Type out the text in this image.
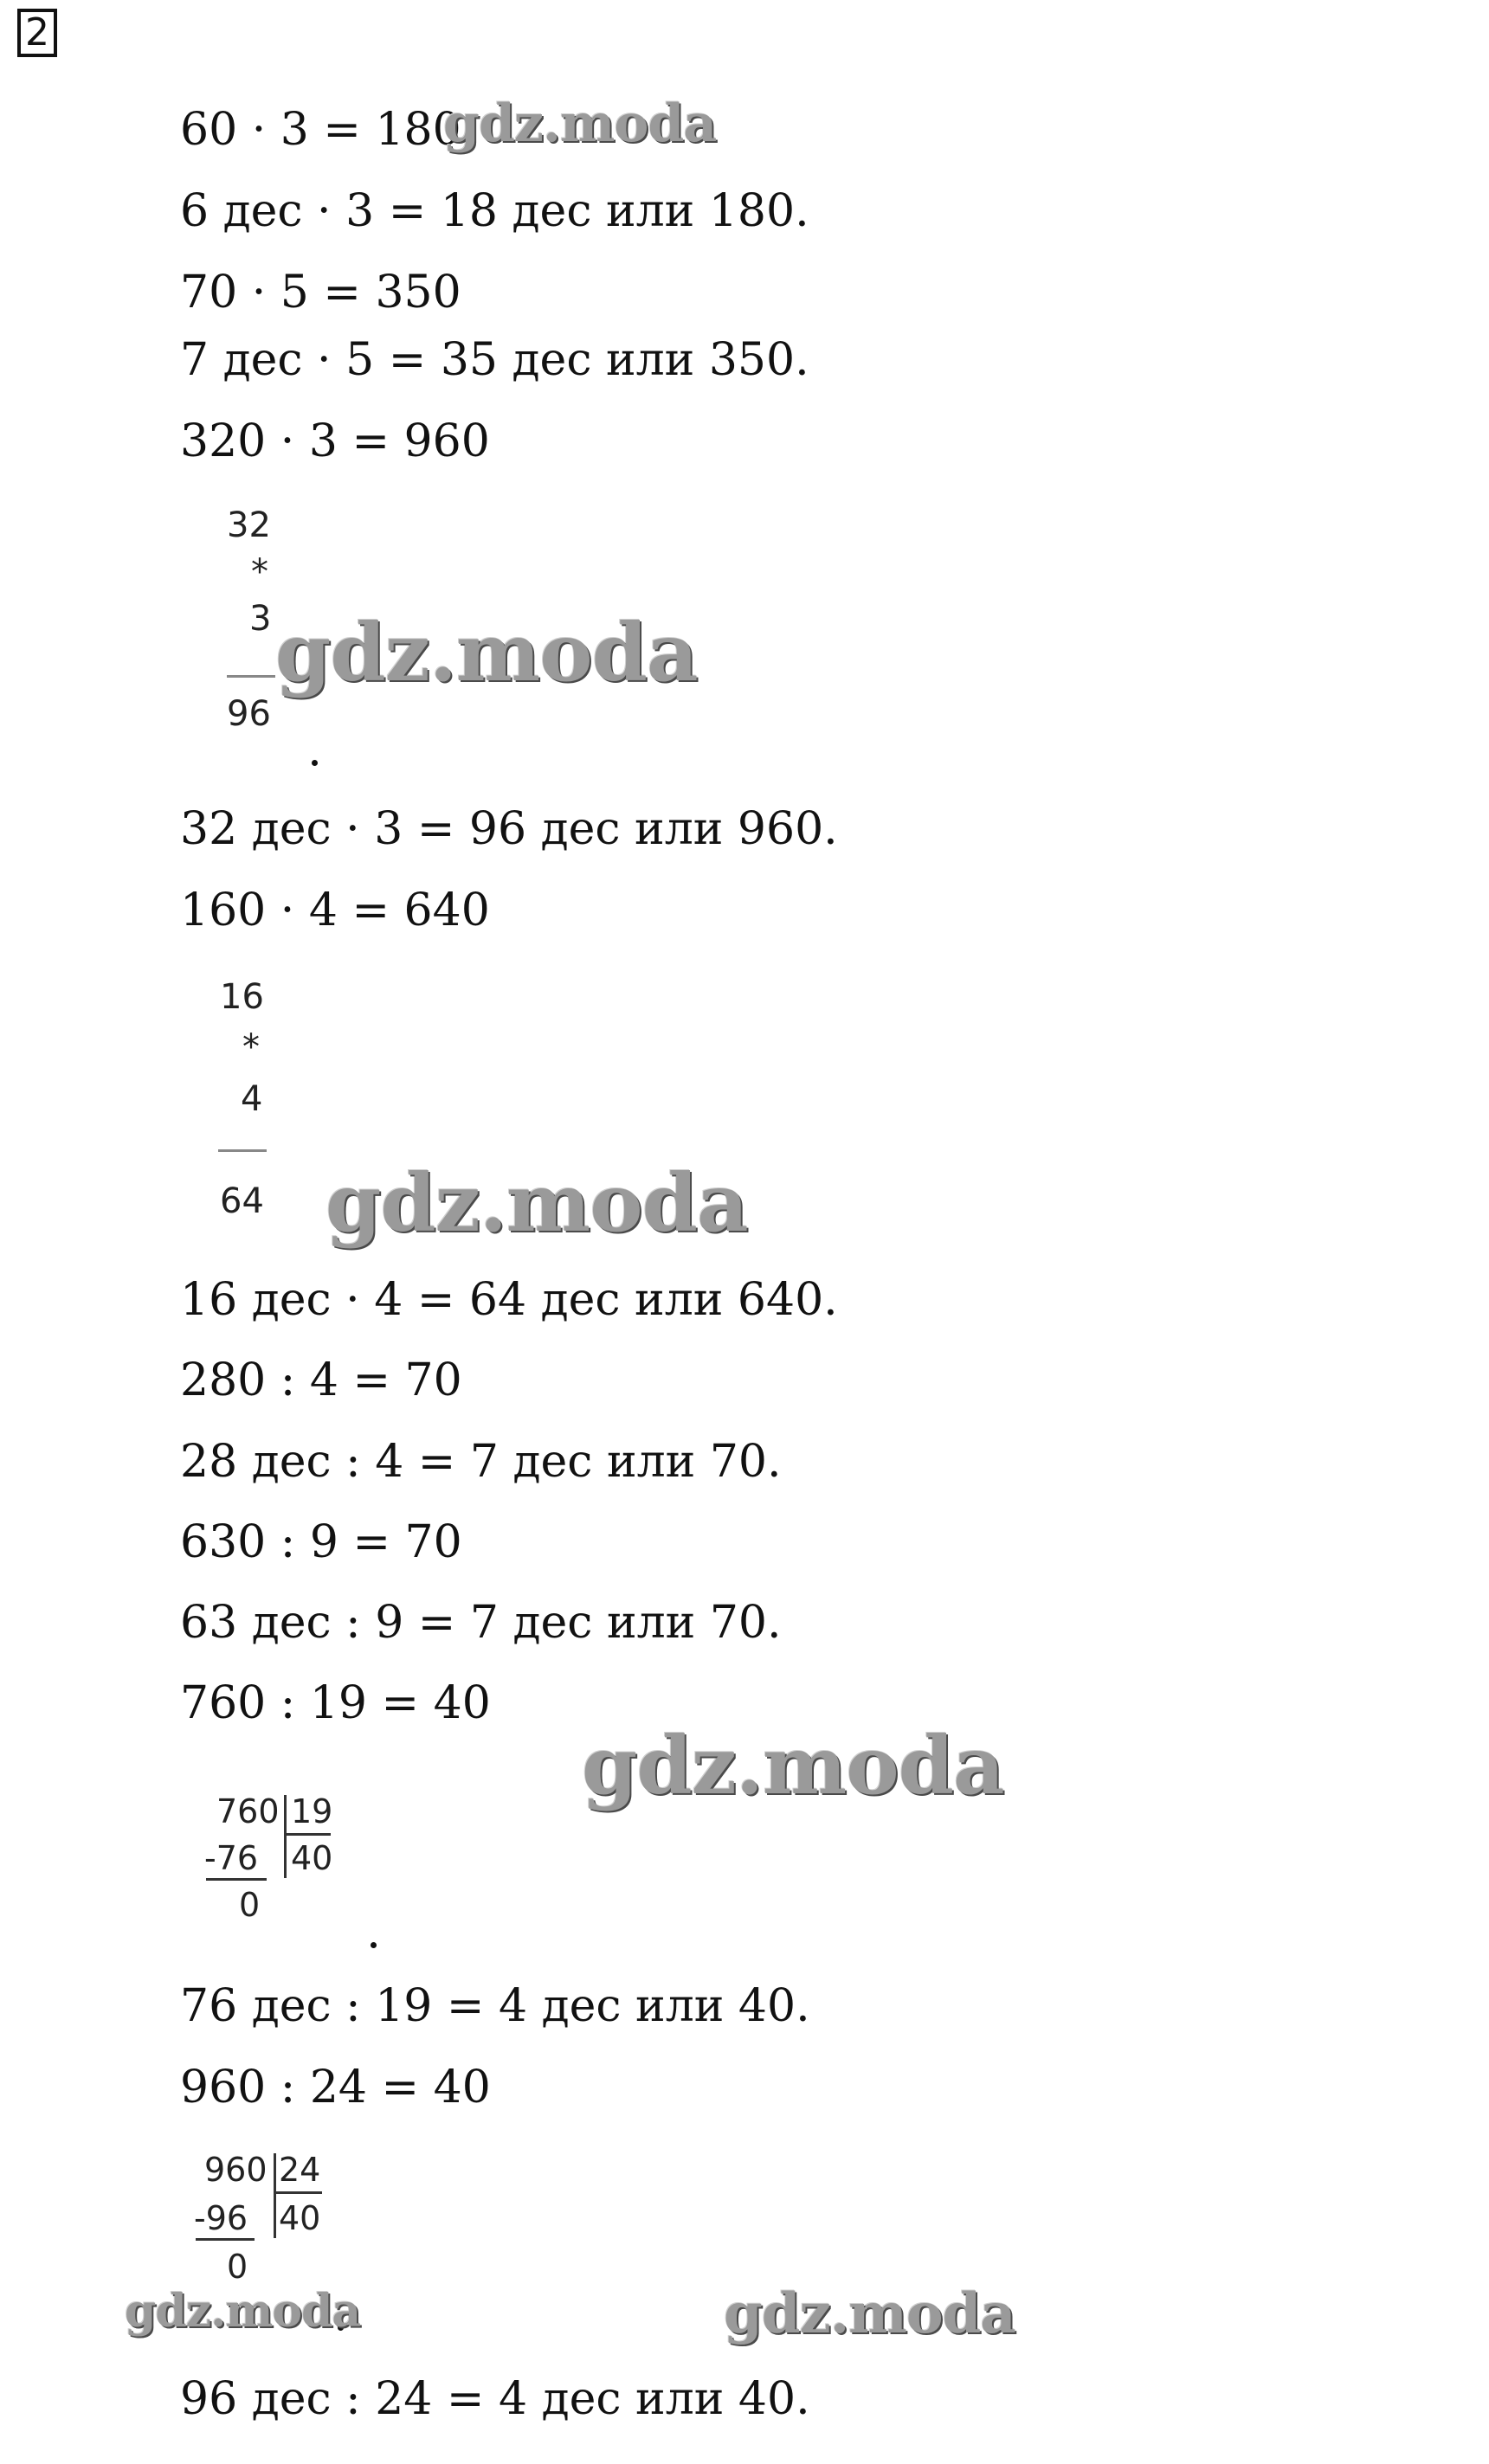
2
60 · 3 = 180
6 дес · 3 = 18 дес или 180.
70 · 5 = 350
7 дес · 5 = 35 дес или 350.
320 · 3 = 960
32
*
3
96
32 дес · 3 = 96 дес или 960.
160 · 4 = 640
16
*
4
64
16 дес · 4 = 64 дес или 640.
280 : 4 = 70
28 дес : 4 = 7 дес или 70.
630 : 9 = 70
63 дес : 9 = 7 дес или 70.
760 : 19 = 40
760 19
-76 40
0
76 дес : 19 = 4 дес или 40.
960 : 24 = 40
960 24
-96 40
0
96 дес : 24 = 4 дес или 40.
gdz.moda
gdz.moda
gdz.moda
gdz.moda
gdz.moda	gdz.moda
